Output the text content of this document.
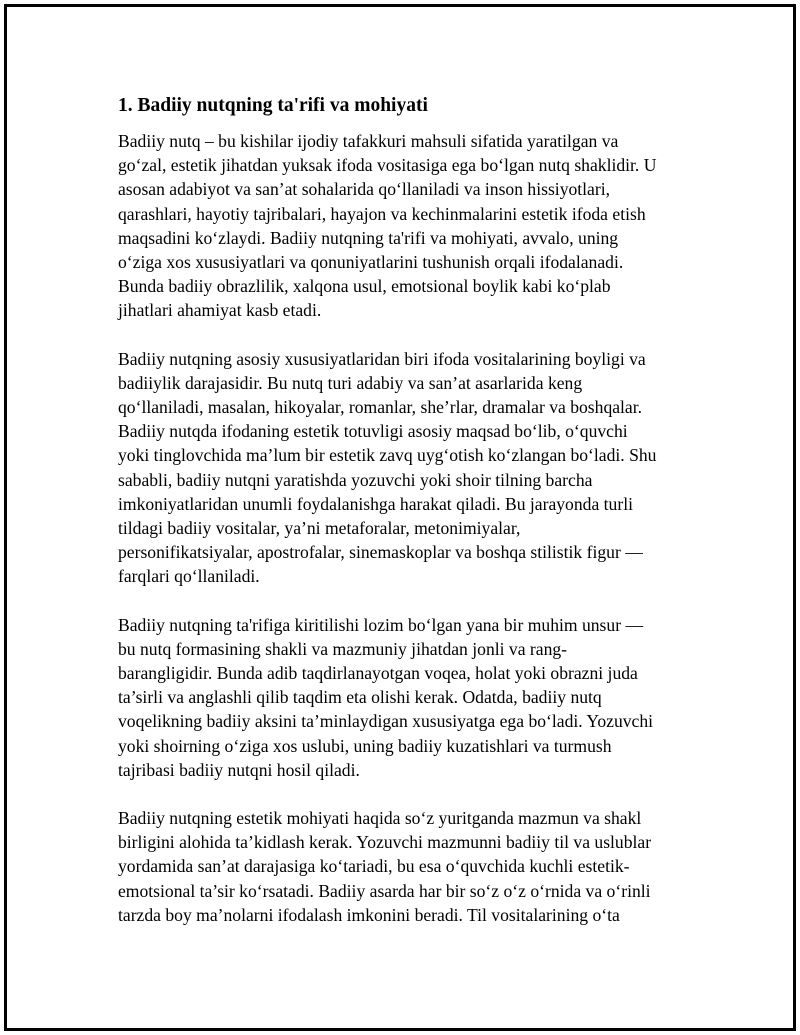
1. Badiiy nutqning ta'rifi va mohiyati

Badiiy nutq – bu kishilar ijodiy tafakkuri mahsuli sifatida yaratilgan va
go‘zal, estetik jihatdan yuksak ifoda vositasiga ega bo‘lgan nutq shaklidir. U
asosan adabiyot va san’at sohalarida qo‘llaniladi va inson hissiyotlari,
qarashlari, hayotiy tajribalari, hayajon va kechinmalarini estetik ifoda etish
maqsadini ko‘zlaydi. Badiiy nutqning ta'rifi va mohiyati, avvalo, uning
o‘ziga xos xususiyatlari va qonuniyatlarini tushunish orqali ifodalanadi.
Bunda badiiy obrazlilik, xalqona usul, emotsional boylik kabi ko‘plab
jihatlari ahamiyat kasb etadi.

Badiiy nutqning asosiy xususiyatlaridan biri ifoda vositalarining boyligi va
badiiylik darajasidir. Bu nutq turi adabiy va san’at asarlarida keng
qo‘llaniladi, masalan, hikoyalar, romanlar, she’rlar, dramalar va boshqalar.
Badiiy nutqda ifodaning estetik totuvligi asosiy maqsad bo‘lib, o‘quvchi
yoki tinglovchida ma’lum bir estetik zavq uyg‘otish ko‘zlangan bo‘ladi. Shu
sababli, badiiy nutqni yaratishda yozuvchi yoki shoir tilning barcha
imkoniyatlaridan unumli foydalanishga harakat qiladi. Bu jarayonda turli
tildagi badiiy vositalar, ya’ni metaforalar, metonimiyalar,
personifikatsiyalar, apostrofalar, sinemaskoplar va boshqa stilistik figur —
farqlari qo‘llaniladi.

Badiiy nutqning ta'rifiga kiritilishi lozim bo‘lgan yana bir muhim unsur —
bu nutq formasining shakli va mazmuniy jihatdan jonli va rang-
barangligidir. Bunda adib taqdirlanayotgan voqea, holat yoki obrazni juda
ta’sirli va anglashli qilib taqdim eta olishi kerak. Odatda, badiiy nutq
voqelikning badiiy aksini ta’minlaydigan xususiyatga ega bo‘ladi. Yozuvchi
yoki shoirning o‘ziga xos uslubi, uning badiiy kuzatishlari va turmush
tajribasi badiiy nutqni hosil qiladi.

Badiiy nutqning estetik mohiyati haqida so‘z yuritganda mazmun va shakl
birligini alohida ta’kidlash kerak. Yozuvchi mazmunni badiiy til va uslublar
yordamida san’at darajasiga ko‘tariadi, bu esa o‘quvchida kuchli estetik-
emotsional ta’sir ko‘rsatadi. Badiiy asarda har bir so‘z o‘z o‘rnida va o‘rinli
tarzda boy ma’nolarni ifodalash imkonini beradi. Til vositalarining o‘ta
